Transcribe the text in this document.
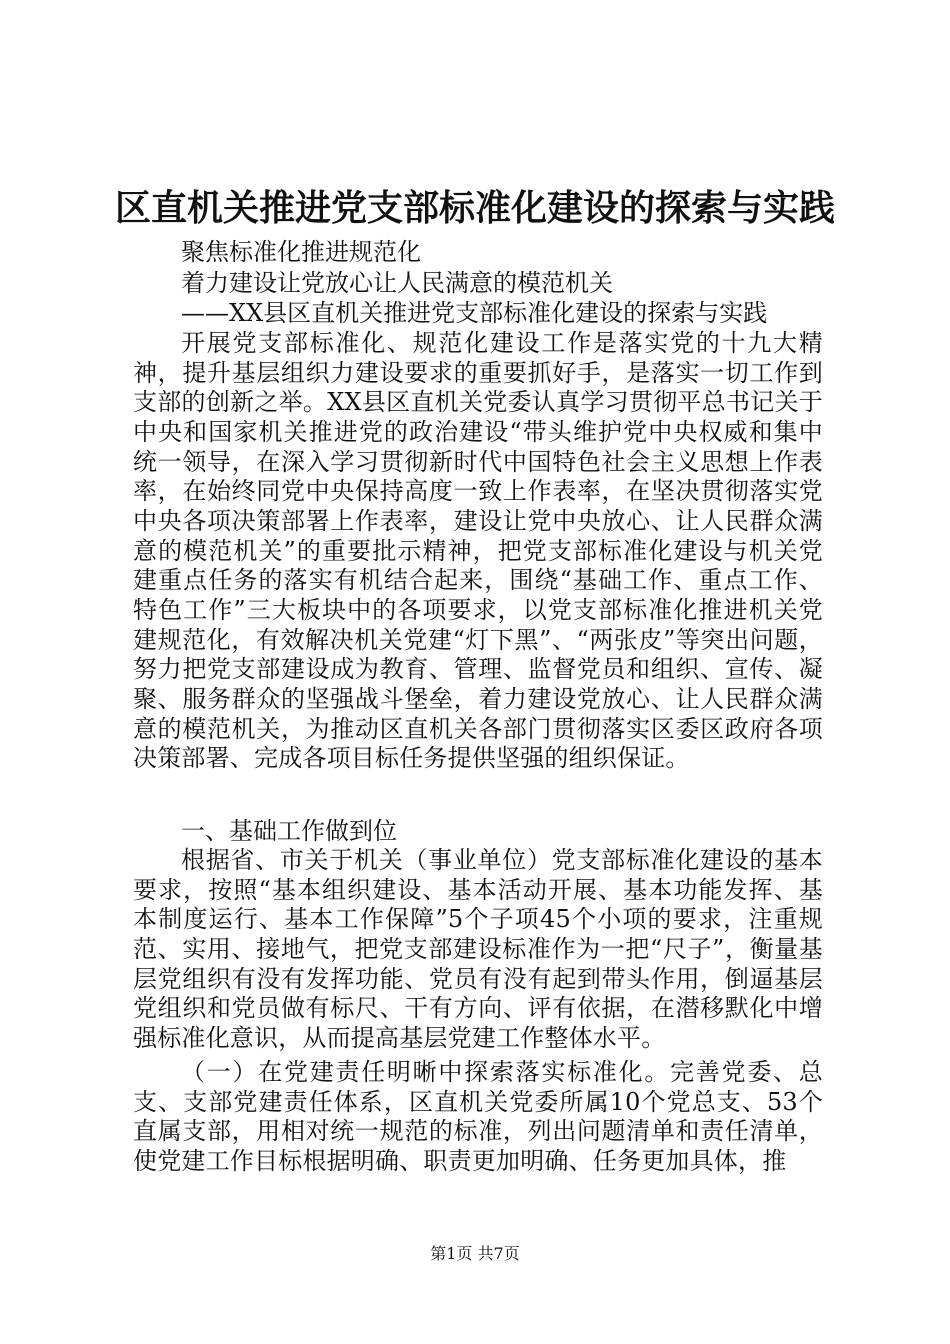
区直机关推进党支部标准化建设的探索与实践
聚焦标准化推进规范化
着力建设让党放心让人民满意的模范机关
——XX县区直机关推进党支部标准化建设的探索与实践
开展党支部标准化、规范化建设工作是落实党的十九大精神，提升基层组织力建设要求的重要抓好手，是落实一切工作到支部的创新之举。XX县区直机关党委认真学习贯彻平总书记关于中央和国家机关推进党的政治建设“带头维护党中央权威和集中统一领导，在深入学习贯彻新时代中国特色社会主义思想上作表率，在始终同党中央保持高度一致上作表率，在坚决贯彻落实党中央各项决策部署上作表率，建设让党中央放心、让人民群众满意的模范机关”的重要批示精神，把党支部标准化建设与机关党建重点任务的落实有机结合起来，围绕“基础工作、重点工作、特色工作”三大板块中的各项要求，以党支部标准化推进机关党建规范化，有效解决机关党建“灯下黑”、“两张皮”等突出问题，努力把党支部建设成为教育、管理、监督党员和组织、宣传、凝聚、服务群众的坚强战斗堡垒，着力建设党放心、让人民群众满意的模范机关，为推动区直机关各部门贯彻落实区委区政府各项决策部署、完成各项目标任务提供坚强的组织保证。
一、基础工作做到位
根据省、市关于机关（事业单位）党支部标准化建设的基本要求，按照“基本组织建设、基本活动开展、基本功能发挥、基本制度运行、基本工作保障”5个子项45个小项的要求，注重规范、实用、接地气，把党支部建设标准作为一把“尺子”，衡量基层党组织有没有发挥功能、党员有没有起到带头作用，倒逼基层党组织和党员做有标尺、干有方向、评有依据，在潜移默化中增强标准化意识，从而提高基层党建工作整体水平。
（一）在党建责任明晰中探索落实标准化。完善党委、总支、支部党建责任体系，区直机关党委所属10个党总支、53个直属支部，用相对统一规范的标准，列出问题清单和责任清单，使党建工作目标根据明确、职责更加明确、任务更加具体，推
第1页 共7页
